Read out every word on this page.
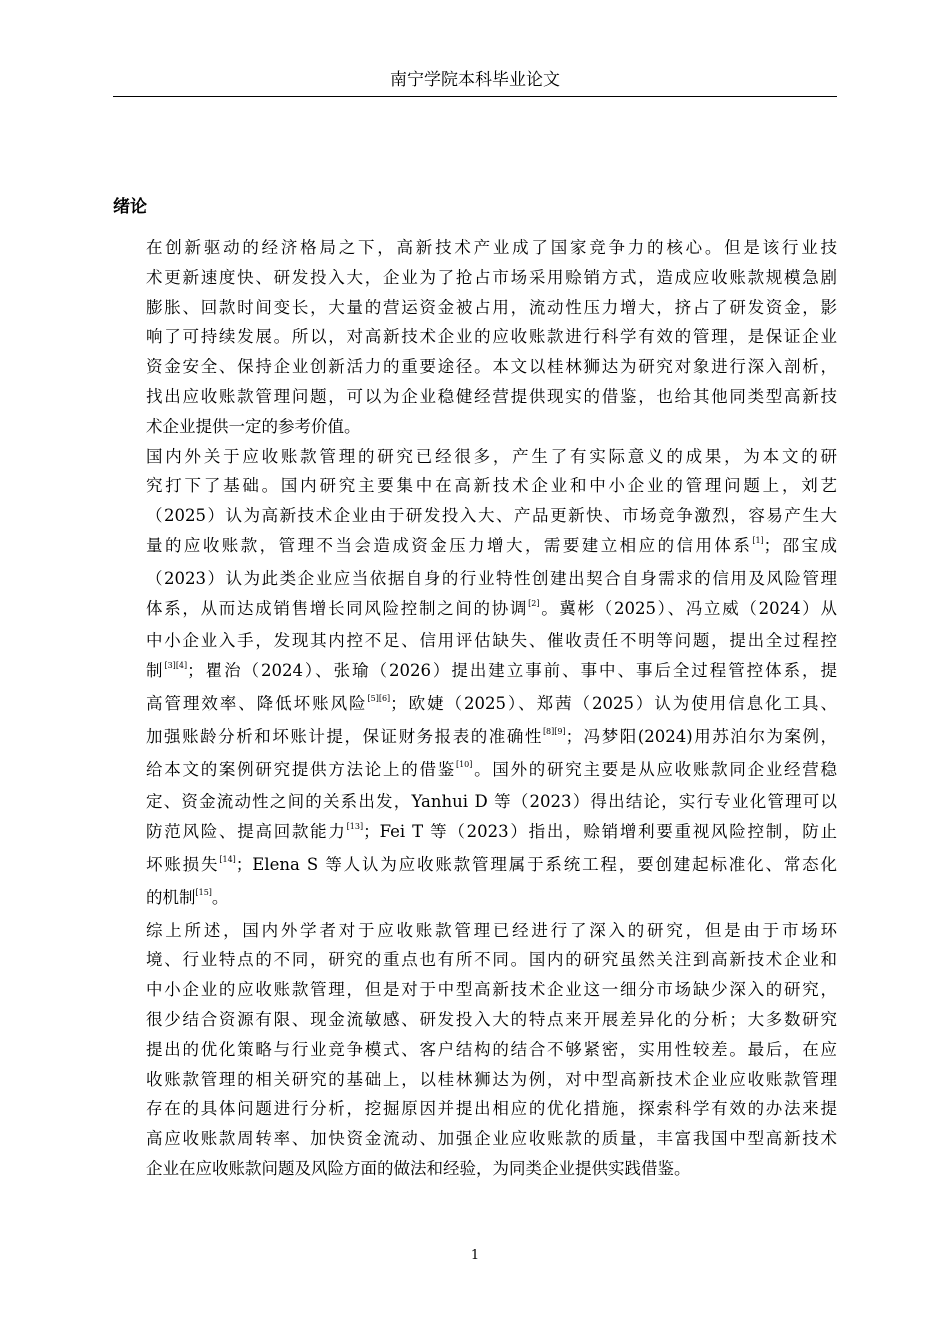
南宁学院本科毕业论文
绪论

在创新驱动的经济格局之下，高新技术产业成了国家竞争力的核心。但是该行业技
术更新速度快、研发投入大，企业为了抢占市场采用赊销方式，造成应收账款规模急剧
膨胀、回款时间变长，大量的营运资金被占用，流动性压力增大，挤占了研发资金，影
响了可持续发展。所以，对高新技术企业的应收账款进行科学有效的管理，是保证企业
资金安全、保持企业创新活力的重要途径。本文以桂林狮达为研究对象进行深入剖析，
找出应收账款管理问题，可以为企业稳健经营提供现实的借鉴，也给其他同类型高新技
术企业提供一定的参考价值。

国内外关于应收账款管理的研究已经很多，产生了有实际意义的成果，为本文的研
究打下了基础。国内研究主要集中在高新技术企业和中小企业的管理问题上，刘艺
（2025）认为高新技术企业由于研发投入大、产品更新快、市场竞争激烈，容易产生大
量的应收账款，管理不当会造成资金压力增大，需要建立相应的信用体系[1]；邵宝成
（2023）认为此类企业应当依据自身的行业特性创建出契合自身需求的信用及风险管理
体系，从而达成销售增长同风险控制之间的协调[2]。冀彬（2025）、冯立威（2024）从
中小企业入手，发现其内控不足、信用评估缺失、催收责任不明等问题，提出全过程控
制[3][4]；瞿治（2024）、张瑜（2026）提出建立事前、事中、事后全过程管控体系，提
高管理效率、降低坏账风险[5][6]；欧婕（2025）、郑茜（2025）认为使用信息化工具、
加强账龄分析和坏账计提，保证财务报表的准确性[8][9]；冯梦阳(2024)用苏泊尔为案例，
给本文的案例研究提供方法论上的借鉴[10]。国外的研究主要是从应收账款同企业经营稳
定、资金流动性之间的关系出发，Yanhui D 等（2023）得出结论，实行专业化管理可以
防范风险、提高回款能力[13]；Fei T 等（2023）指出，赊销增利要重视风险控制，防止
坏账损失[14]；Elena S 等人认为应收账款管理属于系统工程，要创建起标准化、常态化
的机制[15]。

综上所述，国内外学者对于应收账款管理已经进行了深入的研究，但是由于市场环
境、行业特点的不同，研究的重点也有所不同。国内的研究虽然关注到高新技术企业和
中小企业的应收账款管理，但是对于中型高新技术企业这一细分市场缺少深入的研究，
很少结合资源有限、现金流敏感、研发投入大的特点来开展差异化的分析；大多数研究
提出的优化策略与行业竞争模式、客户结构的结合不够紧密，实用性较差。最后，在应
收账款管理的相关研究的基础上，以桂林狮达为例，对中型高新技术企业应收账款管理
存在的具体问题进行分析，挖掘原因并提出相应的优化措施，探索科学有效的办法来提
高应收账款周转率、加快资金流动、加强企业应收账款的质量，丰富我国中型高新技术
企业在应收账款问题及风险方面的做法和经验，为同类企业提供实践借鉴。

1
